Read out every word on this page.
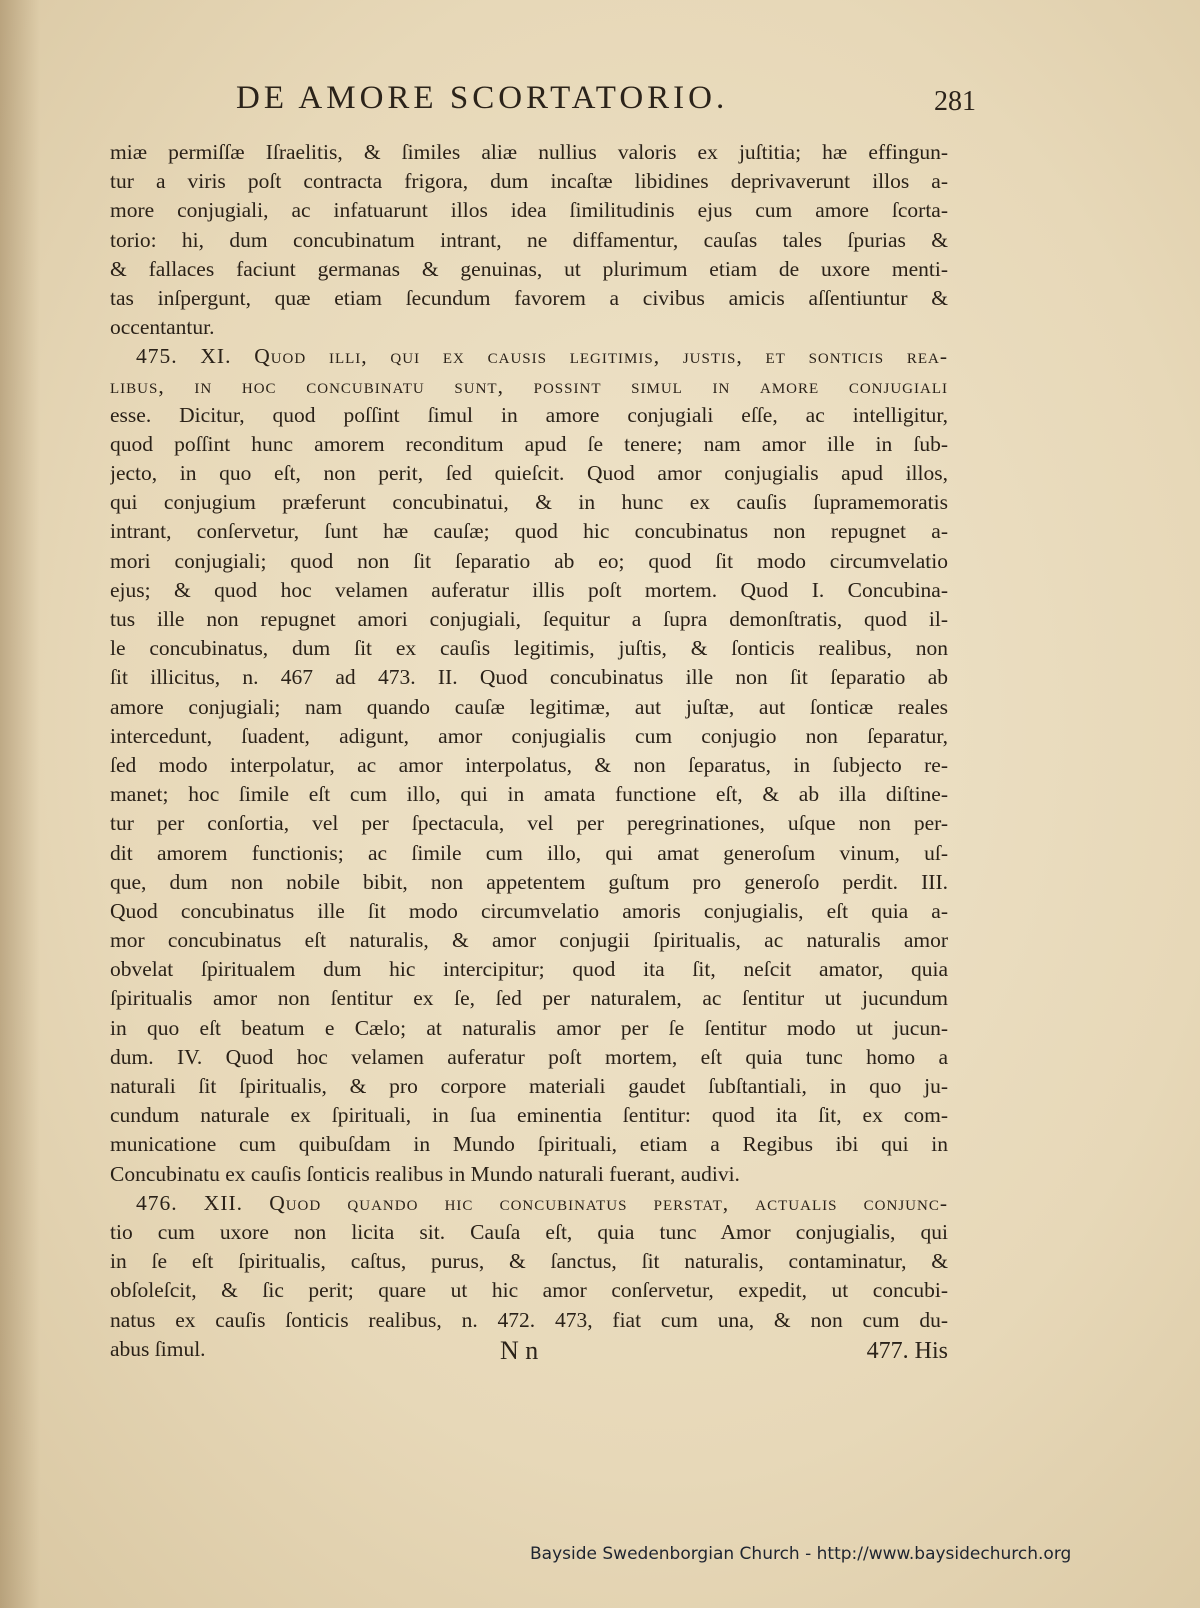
DE AMORE SCORTATORIO.	281
miæ permiſſæ Iſraelitis, & ſimiles aliæ nullius valoris ex juſtitia; hæ effingun-
tur a viris poſt contracta frigora, dum incaſtæ libidines deprivaverunt illos a-
more conjugiali, ac infatuarunt illos idea ſimilitudinis ejus cum amore ſcorta-
torio: hi, dum concubinatum intrant, ne diffamentur, cauſas tales ſpurias &
& fallaces faciunt germanas & genuinas, ut plurimum etiam de uxore menti-
tas inſpergunt, quæ etiam ſecundum favorem a civibus amicis aſſentiuntur &
occentantur.
475. XI. Quod illi, qui ex causis legitimis, justis, et sonticis rea-
libus, in hoc concubinatu sunt, possint simul in amore conjugiali
esse. Dicitur, quod poſſint ſimul in amore conjugiali eſſe, ac intelligitur,
quod poſſint hunc amorem reconditum apud ſe tenere; nam amor ille in ſub-
jecto, in quo eſt, non perit, ſed quieſcit. Quod amor conjugialis apud illos,
qui conjugium præferunt concubinatui, & in hunc ex cauſis ſupramemoratis
intrant, conſervetur, ſunt hæ cauſæ; quod hic concubinatus non repugnet a-
mori conjugiali; quod non ſit ſeparatio ab eo; quod ſit modo circumvelatio
ejus; & quod hoc velamen auferatur illis poſt mortem. Quod I. Concubina-
tus ille non repugnet amori conjugiali, ſequitur a ſupra demonſtratis, quod il-
le concubinatus, dum ſit ex cauſis legitimis, juſtis, & ſonticis realibus, non
ſit illicitus, n. 467 ad 473. II. Quod concubinatus ille non ſit ſeparatio ab
amore conjugiali; nam quando cauſæ legitimæ, aut juſtæ, aut ſonticæ reales
intercedunt, ſuadent, adigunt, amor conjugialis cum conjugio non ſeparatur,
ſed modo interpolatur, ac amor interpolatus, & non ſeparatus, in ſubjecto re-
manet; hoc ſimile eſt cum illo, qui in amata functione eſt, & ab illa diſtine-
tur per conſortia, vel per ſpectacula, vel per peregrinationes, uſque non per-
dit amorem functionis; ac ſimile cum illo, qui amat generoſum vinum, uſ-
que, dum non nobile bibit, non appetentem guſtum pro generoſo perdit. III.
Quod concubinatus ille ſit modo circumvelatio amoris conjugialis, eſt quia a-
mor concubinatus eſt naturalis, & amor conjugii ſpiritualis, ac naturalis amor
obvelat ſpiritualem dum hic intercipitur; quod ita ſit, neſcit amator, quia
ſpiritualis amor non ſentitur ex ſe, ſed per naturalem, ac ſentitur ut jucundum
in quo eſt beatum e Cælo; at naturalis amor per ſe ſentitur modo ut jucun-
dum. IV. Quod hoc velamen auferatur poſt mortem, eſt quia tunc homo a
naturali ſit ſpiritualis, & pro corpore materiali gaudet ſubſtantiali, in quo ju-
cundum naturale ex ſpirituali, in ſua eminentia ſentitur: quod ita ſit, ex com-
municatione cum quibuſdam in Mundo ſpirituali, etiam a Regibus ibi qui in
Concubinatu ex cauſis ſonticis realibus in Mundo naturali fuerant, audivi.
476. XII. Quod quando hic concubinatus perstat, actualis conjunc-
tio cum uxore non licita sit. Cauſa eſt, quia tunc Amor conjugialis, qui
in ſe eſt ſpiritualis, caſtus, purus, & ſanctus, ſit naturalis, contaminatur, &
obſoleſcit, & ſic perit; quare ut hic amor conſervetur, expedit, ut concubi-
natus ex cauſis ſonticis realibus, n. 472. 473, fiat cum una, & non cum du-
abus ſimul.	N n	477. His
Bayside Swedenborgian Church - http://www.baysidechurch.org
